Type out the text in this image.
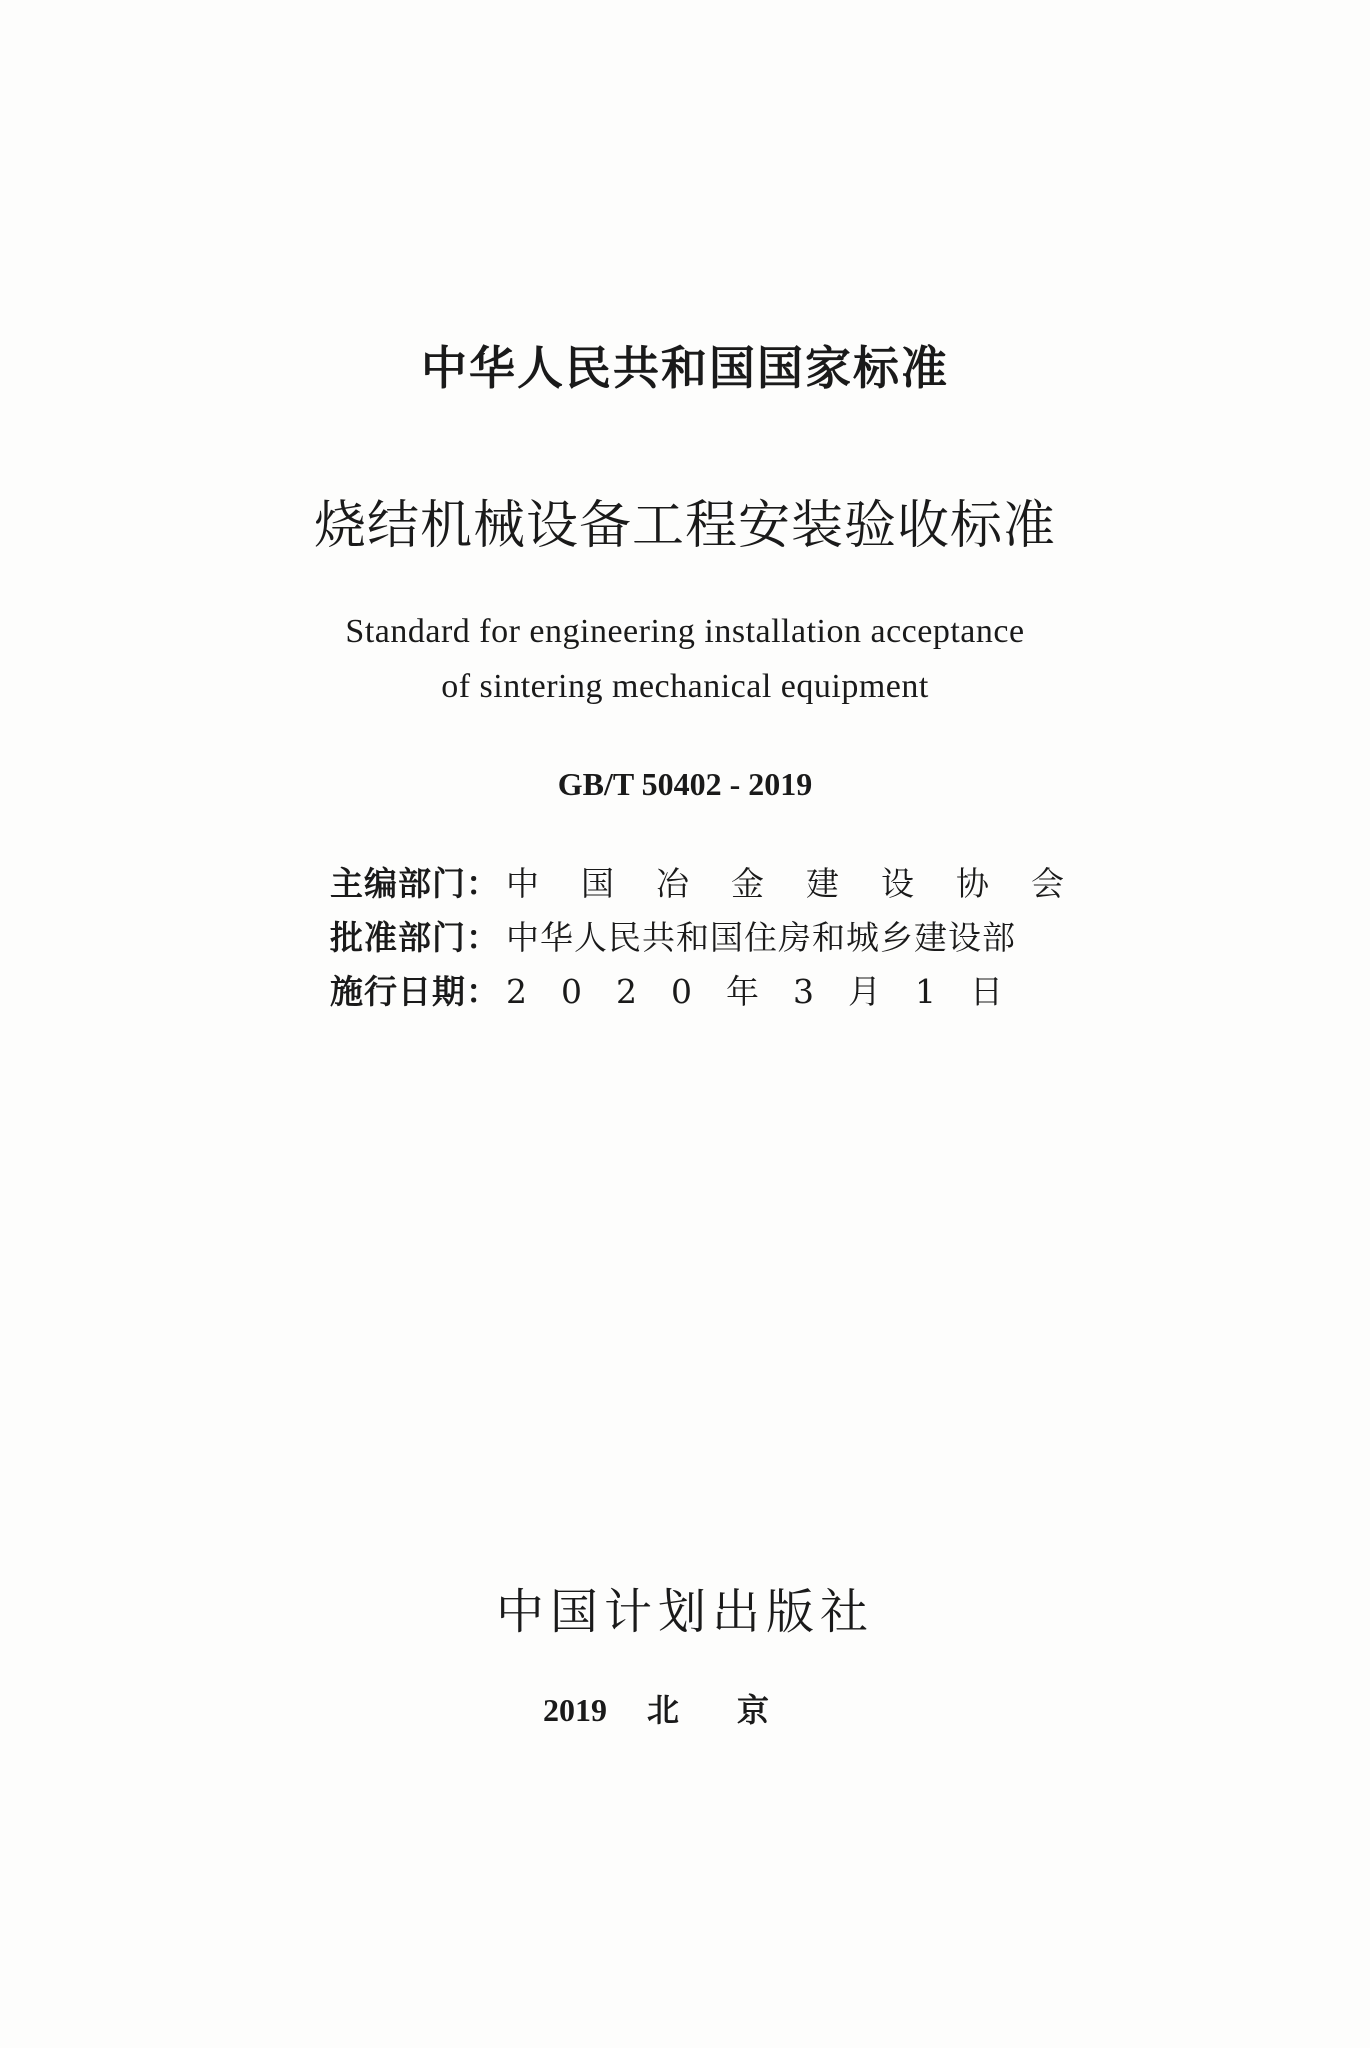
中华人民共和国国家标准
烧结机械设备工程安装验收标准
Standard for engineering installation acceptance
of sintering mechanical equipment
GB/T 50402 - 2019
主编部门： 中国冶金建设协会
批准部门： 中华人民共和国住房和城乡建设部
施行日期： 2020年3月1日
中国计划出版社
2019 北京
